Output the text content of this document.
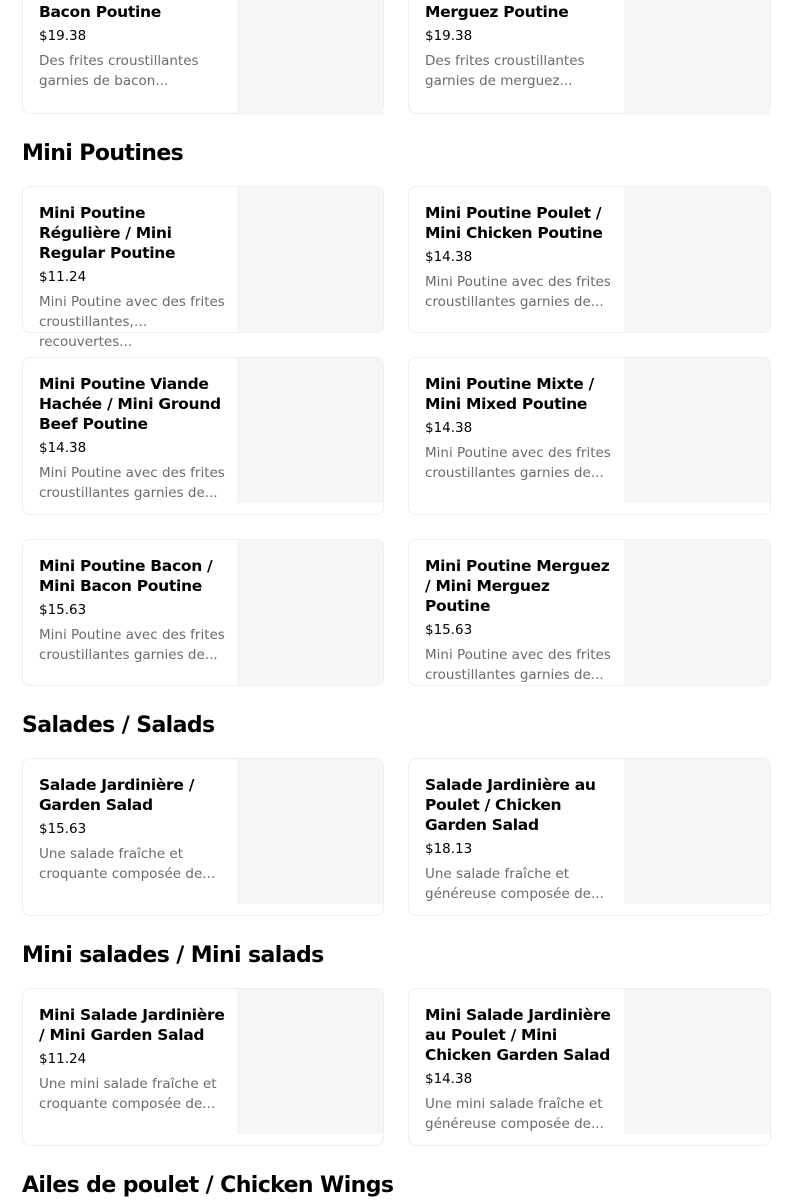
Bacon Poutine
$19.38
Des frites croustillantes garnies de bacon...
Merguez Poutine
$19.38
Des frites croustillantes garnies de merguez...
Mini Poutines
Mini Poutine Régulière / Mini Regular Poutine
$11.24
Mini Poutine avec des frites croustillantes, recouvertes...
Mini Poutine Poulet / Mini Chicken Poutine
$14.38
Mini Poutine avec des frites croustillantes garnies de...
Mini Poutine Viande Hachée / Mini Ground Beef Poutine
$14.38
Mini Poutine avec des frites croustillantes garnies de...
Mini Poutine Mixte / Mini Mixed Poutine
$14.38
Mini Poutine avec des frites croustillantes garnies de...
Mini Poutine Bacon / Mini Bacon Poutine
$15.63
Mini Poutine avec des frites croustillantes garnies de...
Mini Poutine Merguez / Mini Merguez Poutine
$15.63
Mini Poutine avec des frites croustillantes garnies de...
Salades / Salads
Salade Jardinière / Garden Salad
$15.63
Une salade fraîche et croquante composée de...
Salade Jardinière au Poulet / Chicken Garden Salad
$18.13
Une salade fraîche et généreuse composée de...
Mini salades / Mini salads
Mini Salade Jardinière / Mini Garden Salad
$11.24
Une mini salade fraîche et croquante composée de...
Mini Salade Jardinière au Poulet / Mini Chicken Garden Salad
$14.38
Une mini salade fraîche et généreuse composée de...
Ailes de poulet / Chicken Wings
